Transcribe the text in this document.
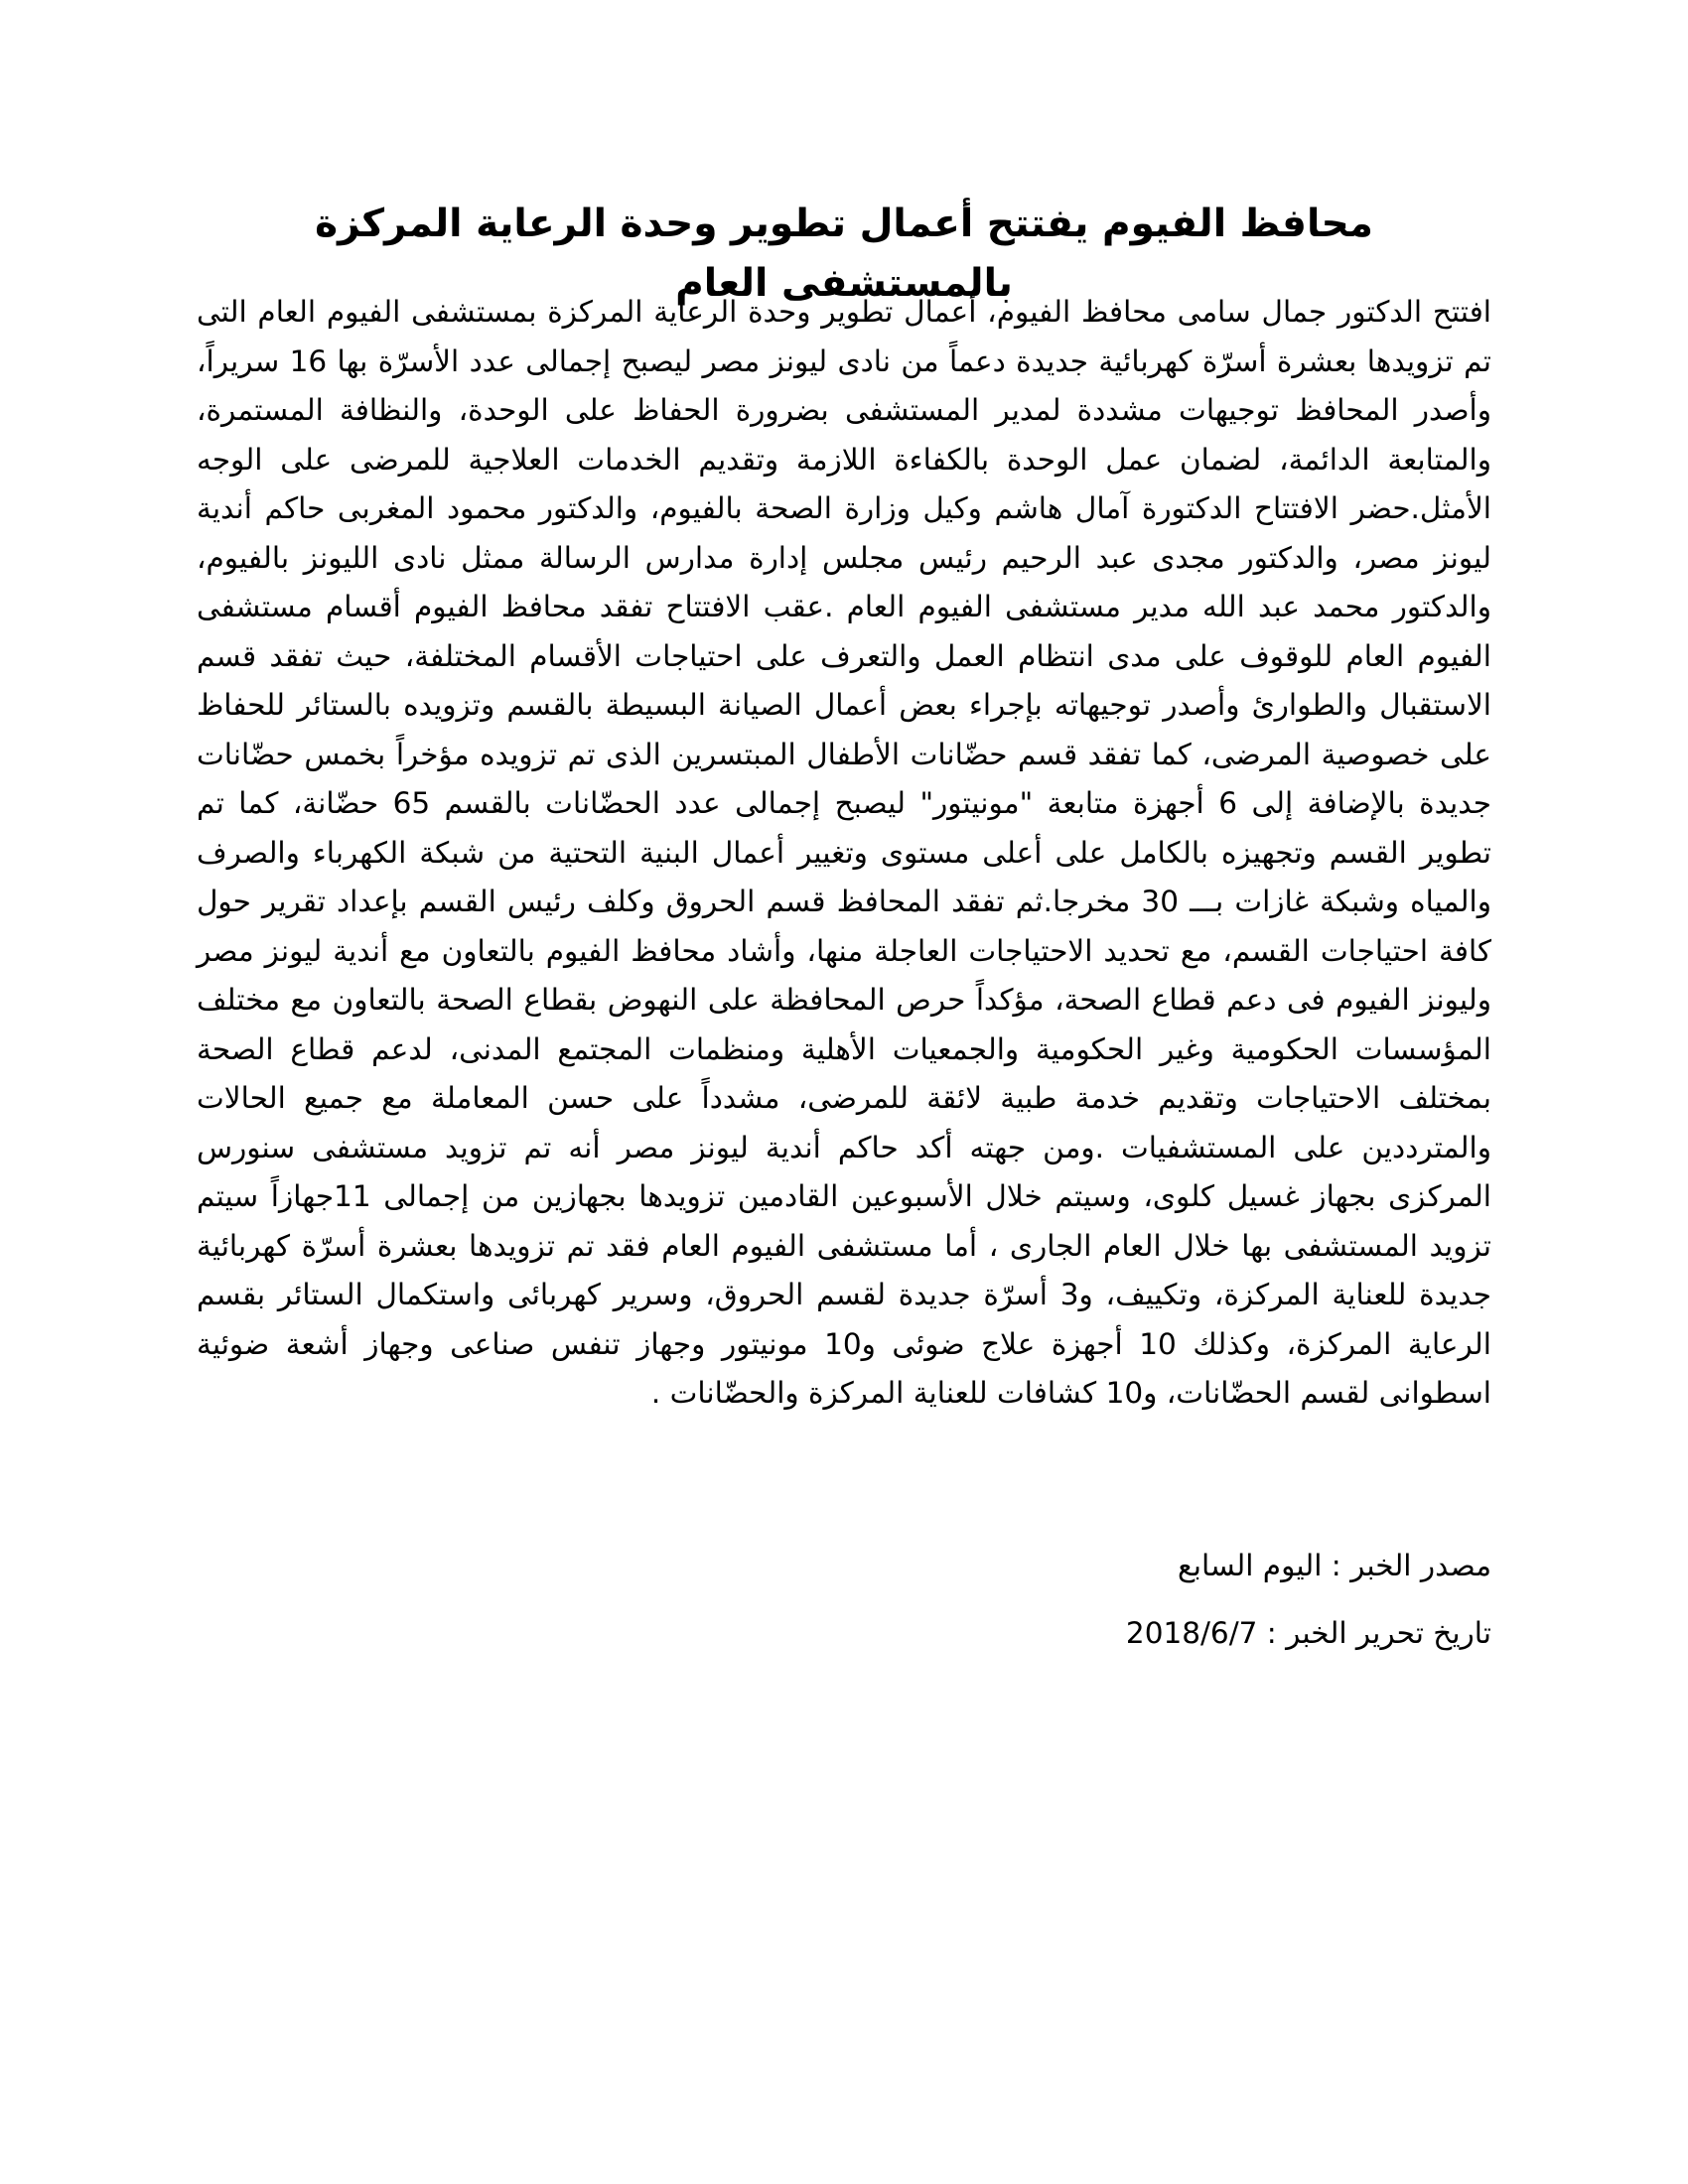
محافظ الفيوم يفتتح أعمال تطوير وحدة الرعاية المركزة بالمستشفى العام

افتتح الدكتور جمال سامى محافظ الفيوم، أعمال تطوير وحدة الرعاية المركزة بمستشفى الفيوم العام التى تم تزويدها بعشرة أسرّة كهربائية جديدة دعماً من نادى ليونز مصر ليصبح إجمالى عدد الأسرّة بها 16 سريراً، وأصدر المحافظ توجيهات مشددة لمدير المستشفى بضرورة الحفاظ على الوحدة، والنظافة المستمرة، والمتابعة الدائمة، لضمان عمل الوحدة بالكفاءة اللازمة وتقديم الخدمات العلاجية للمرضى على الوجه الأمثل.حضر الافتتاح الدكتورة آمال هاشم وكيل وزارة الصحة بالفيوم، والدكتور محمود المغربى حاكم أندية ليونز مصر، والدكتور مجدى عبد الرحيم رئيس مجلس إدارة مدارس الرسالة ممثل نادى الليونز بالفيوم، والدكتور محمد عبد الله مدير مستشفى الفيوم العام .عقب الافتتاح تفقد محافظ الفيوم أقسام مستشفى الفيوم العام للوقوف على مدى انتظام العمل والتعرف على احتياجات الأقسام المختلفة، حيث تفقد قسم الاستقبال والطوارئ وأصدر توجيهاته بإجراء بعض أعمال الصيانة البسيطة بالقسم وتزويده بالستائر للحفاظ على خصوصية المرضى، كما تفقد قسم حضّانات الأطفال المبتسرين الذى تم تزويده مؤخراً بخمس حضّانات جديدة بالإضافة إلى 6 أجهزة متابعة "مونيتور" ليصبح إجمالى عدد الحضّانات بالقسم 65 حضّانة، كما تم تطوير القسم وتجهيزه بالكامل على أعلى مستوى وتغيير أعمال البنية التحتية من شبكة الكهرباء والصرف والمياه وشبكة غازات بـــ 30 مخرجا.ثم تفقد المحافظ قسم الحروق وكلف رئيس القسم بإعداد تقرير حول كافة احتياجات القسم، مع تحديد الاحتياجات العاجلة منها، وأشاد محافظ الفيوم بالتعاون مع أندية ليونز مصر وليونز الفيوم فى دعم قطاع الصحة، مؤكداً حرص المحافظة على النهوض بقطاع الصحة بالتعاون مع مختلف المؤسسات الحكومية وغير الحكومية والجمعيات الأهلية ومنظمات المجتمع المدنى، لدعم قطاع الصحة بمختلف الاحتياجات وتقديم خدمة طبية لائقة للمرضى، مشدداً على حسن المعاملة مع جميع الحالات والمترددين على المستشفيات .ومن جهته أكد حاكم أندية ليونز مصر أنه تم تزويد مستشفى سنورس المركزى بجهاز غسيل كلوى، وسيتم خلال الأسبوعين القادمين تزويدها بجهازين من إجمالى 11جهازاً سيتم تزويد المستشفى بها خلال العام الجارى ، أما مستشفى الفيوم العام فقد تم تزويدها بعشرة أسرّة كهربائية جديدة للعناية المركزة، وتكييف، و3 أسرّة جديدة لقسم الحروق، وسرير كهربائى واستكمال الستائر بقسم الرعاية المركزة، وكذلك 10 أجهزة علاج ضوئى و10 مونيتور وجهاز تنفس صناعى وجهاز أشعة ضوئية اسطوانى لقسم الحضّانات، و10 كشافات للعناية المركزة والحضّانات .

مصدر الخبر : اليوم السابع

تاريخ تحرير الخبر : 2018/6/7
